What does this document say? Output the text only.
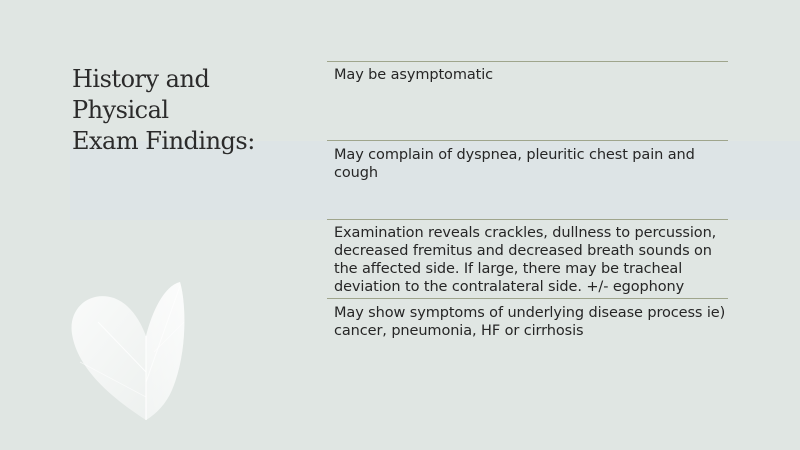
History and Physical
Exam Findings:
May be asymptomatic
May complain of dyspnea, pleuritic chest pain and cough
Examination reveals crackles, dullness to percussion, decreased fremitus and decreased breath sounds on the affected side. If large, there may be tracheal deviation to the contralateral side. +/- egophony
May show symptoms of underlying disease process ie) cancer, pneumonia, HF or cirrhosis
